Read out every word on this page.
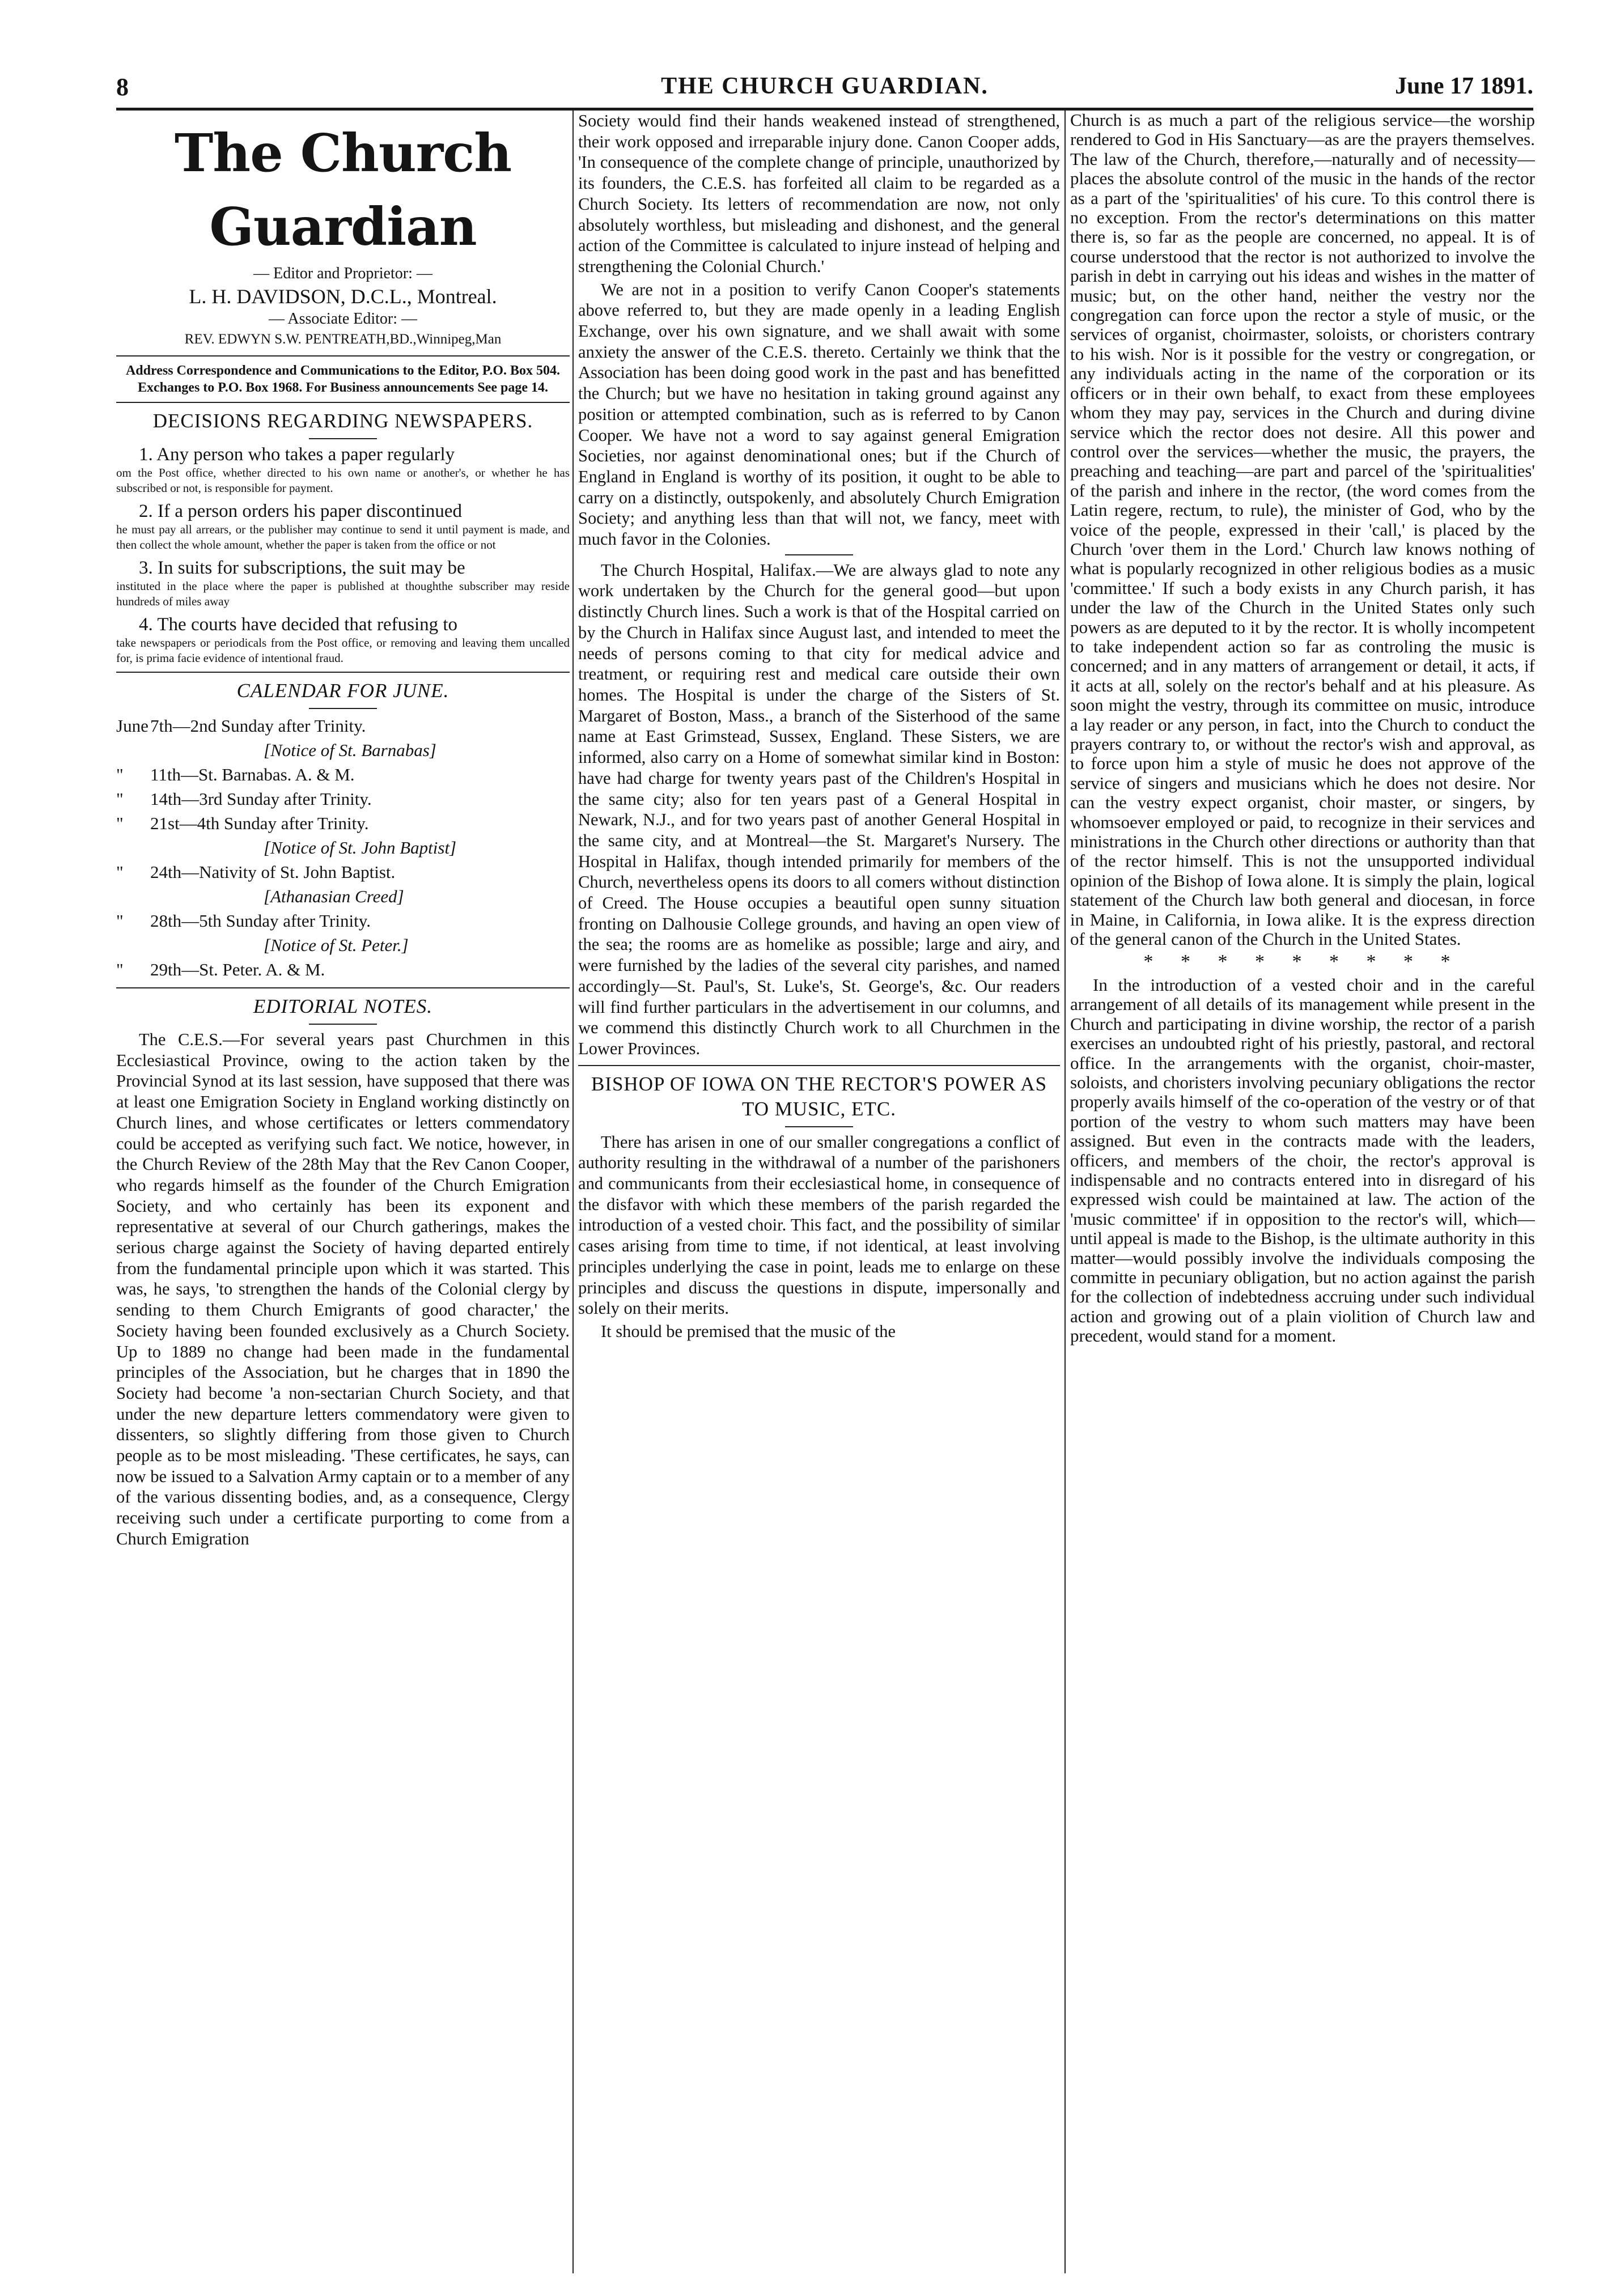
8	THE CHURCH GUARDIAN.	June 17 1891.
The Church Guardian
— Editor and Proprietor: —
L. H. DAVIDSON, D.C.L., Montreal.
— Associate Editor: —
REV. EDWYN S.W. PENTREATH,BD.,Winnipeg,Man
Address Correspondence and Communications to the Editor, P.O. Box 504. Exchanges to P.O. Box 1968. For Business announcements See page 14.
DECISIONS REGARDING NEWSPAPERS.

1. Any person who takes a paper regularly

om the Post office, whether directed to his own name or another's, or whether he has subscribed or not, is responsible for payment.

2. If a person orders his paper discontinued

he must pay all arrears, or the publisher may continue to send it until payment is made, and then collect the whole amount, whether the paper is taken from the office or not

3. In suits for subscriptions, the suit may be

instituted in the place where the paper is published at thoughthe subscriber may reside hundreds of miles away

4. The courts have decided that refusing to

take newspapers or periodicals from the Post office, or removing and leaving them uncalled for, is prima facie evidence of intentional fraud.

CALENDAR FOR JUNE.
June 7th—2nd Sunday after Trinity.
[Notice of St. Barnabas]
"	11th—St. Barnabas. A. & M.
"	14th—3rd Sunday after Trinity.
"	21st—4th Sunday after Trinity.
[Notice of St. John Baptist]
"	24th—Nativity of St. John Baptist.
[Athanasian Creed]
"	28th—5th Sunday after Trinity.
[Notice of St. Peter.]
"	29th—St. Peter. A. & M.
EDITORIAL NOTES.

The C.E.S.—For several years past Churchmen in this Ecclesiastical Province, owing to the action taken by the Provincial Synod at its last session, have supposed that there was at least one Emigration Society in England working distinctly on Church lines, and whose certificates or letters commendatory could be accepted as verifying such fact. We notice, however, in the Church Review of the 28th May that the Rev Canon Cooper, who regards himself as the founder of the Church Emigration Society, and who certainly has been its exponent and representative at several of our Church gatherings, makes the serious charge against the Society of having departed entirely from the fundamental principle upon which it was started. This was, he says, 'to strengthen the hands of the Colonial clergy by sending to them Church Emigrants of good character,' the Society having been founded exclusively as a Church Society. Up to 1889 no change had been made in the fundamental principles of the Association, but he charges that in 1890 the Society had become 'a non-sectarian Church Society, and that under the new departure letters commendatory were given to dissenters, so slightly differing from those given to Church people as to be most misleading. 'These certificates, he says, can now be issued to a Salvation Army captain or to a member of any of the various dissenting bodies, and, as a consequence, Clergy receiving such under a certificate purporting to come from a Church Emigration

Society would find their hands weakened instead of strengthened, their work opposed and irreparable injury done. Canon Cooper adds, 'In consequence of the complete change of principle, unauthorized by its founders, the C.E.S. has forfeited all claim to be regarded as a Church Society. Its letters of recommendation are now, not only absolutely worthless, but misleading and dishonest, and the general action of the Committee is calculated to injure instead of helping and strengthening the Colonial Church.'

We are not in a position to verify Canon Cooper's statements above referred to, but they are made openly in a leading English Exchange, over his own signature, and we shall await with some anxiety the answer of the C.E.S. thereto. Certainly we think that the Association has been doing good work in the past and has benefitted the Church; but we have no hesitation in taking ground against any position or attempted combination, such as is referred to by Canon Cooper. We have not a word to say against general Emigration Societies, nor against denominational ones; but if the Church of England in England is worthy of its position, it ought to be able to carry on a distinctly, outspokenly, and absolutely Church Emigration Society; and anything less than that will not, we fancy, meet with much favor in the Colonies.

The Church Hospital, Halifax.—We are always glad to note any work undertaken by the Church for the general good—but upon distinctly Church lines. Such a work is that of the Hospital carried on by the Church in Halifax since August last, and intended to meet the needs of persons coming to that city for medical advice and treatment, or requiring rest and medical care outside their own homes. The Hospital is under the charge of the Sisters of St. Margaret of Boston, Mass., a branch of the Sisterhood of the same name at East Grimstead, Sussex, England. These Sisters, we are informed, also carry on a Home of somewhat similar kind in Boston: have had charge for twenty years past of the Children's Hospital in the same city; also for ten years past of a General Hospital in Newark, N.J., and for two years past of another General Hospital in the same city, and at Montreal—the St. Margaret's Nursery. The Hospital in Halifax, though intended primarily for members of the Church, nevertheless opens its doors to all comers without distinction of Creed. The House occupies a beautiful open sunny situation fronting on Dalhousie College grounds, and having an open view of the sea; the rooms are as homelike as possible; large and airy, and were furnished by the ladies of the several city parishes, and named accordingly—St. Paul's, St. Luke's, St. George's, &c. Our readers will find further particulars in the advertisement in our columns, and we commend this distinctly Church work to all Churchmen in the Lower Provinces.

BISHOP OF IOWA ON THE RECTOR'S POWER AS TO MUSIC, ETC.

There has arisen in one of our smaller congregations a conflict of authority resulting in the withdrawal of a number of the parishoners and communicants from their ecclesiastical home, in consequence of the disfavor with which these members of the parish regarded the introduction of a vested choir. This fact, and the possibility of similar cases arising from time to time, if not identical, at least involving principles underlying the case in point, leads me to enlarge on these principles and discuss the questions in dispute, impersonally and solely on their merits.

It should be premised that the music of the

Church is as much a part of the religious service—the worship rendered to God in His Sanctuary—as are the prayers themselves. The law of the Church, therefore,—naturally and of necessity—places the absolute control of the music in the hands of the rector as a part of the 'spiritualities' of his cure. To this control there is no exception. From the rector's determinations on this matter there is, so far as the people are concerned, no appeal. It is of course understood that the rector is not authorized to involve the parish in debt in carrying out his ideas and wishes in the matter of music; but, on the other hand, neither the vestry nor the congregation can force upon the rector a style of music, or the services of organist, choirmaster, soloists, or choristers contrary to his wish. Nor is it possible for the vestry or congregation, or any individuals acting in the name of the corporation or its officers or in their own behalf, to exact from these employees whom they may pay, services in the Church and during divine service which the rector does not desire. All this power and control over the services—whether the music, the prayers, the preaching and teaching—are part and parcel of the 'spiritualities' of the parish and inhere in the rector, (the word comes from the Latin regere, rectum, to rule), the minister of God, who by the voice of the people, expressed in their 'call,' is placed by the Church 'over them in the Lord.' Church law knows nothing of what is popularly recognized in other religious bodies as a music 'committee.' If such a body exists in any Church parish, it has under the law of the Church in the United States only such powers as are deputed to it by the rector. It is wholly incompetent to take independent action so far as controling the music is concerned; and in any matters of arrangement or detail, it acts, if it acts at all, solely on the rector's behalf and at his pleasure. As soon might the vestry, through its committee on music, introduce a lay reader or any person, in fact, into the Church to conduct the prayers contrary to, or without the rector's wish and approval, as to force upon him a style of music he does not approve of the service of singers and musicians which he does not desire. Nor can the vestry expect organist, choir master, or singers, by whomsoever employed or paid, to recognize in their services and ministrations in the Church other directions or authority than that of the rector himself. This is not the unsupported individual opinion of the Bishop of Iowa alone. It is simply the plain, logical statement of the Church law both general and diocesan, in force in Maine, in California, in Iowa alike. It is the express direction of the general canon of the Church in the United States.

* * * * * * * * *

In the introduction of a vested choir and in the careful arrangement of all details of its management while present in the Church and participating in divine worship, the rector of a parish exercises an undoubted right of his priestly, pastoral, and rectoral office. In the arrangements with the organist, choir-master, soloists, and choristers involving pecuniary obligations the rector properly avails himself of the co-operation of the vestry or of that portion of the vestry to whom such matters may have been assigned. But even in the contracts made with the leaders, officers, and members of the choir, the rector's approval is indispensable and no contracts entered into in disregard of his expressed wish could be maintained at law. The action of the 'music committee' if in opposition to the rector's will, which—until appeal is made to the Bishop, is the ultimate authority in this matter—would possibly involve the individuals composing the committe in pecuniary obligation, but no action against the parish for the collection of indebtedness accruing under such individual action and growing out of a plain violition of Church law and precedent, would stand for a moment.
